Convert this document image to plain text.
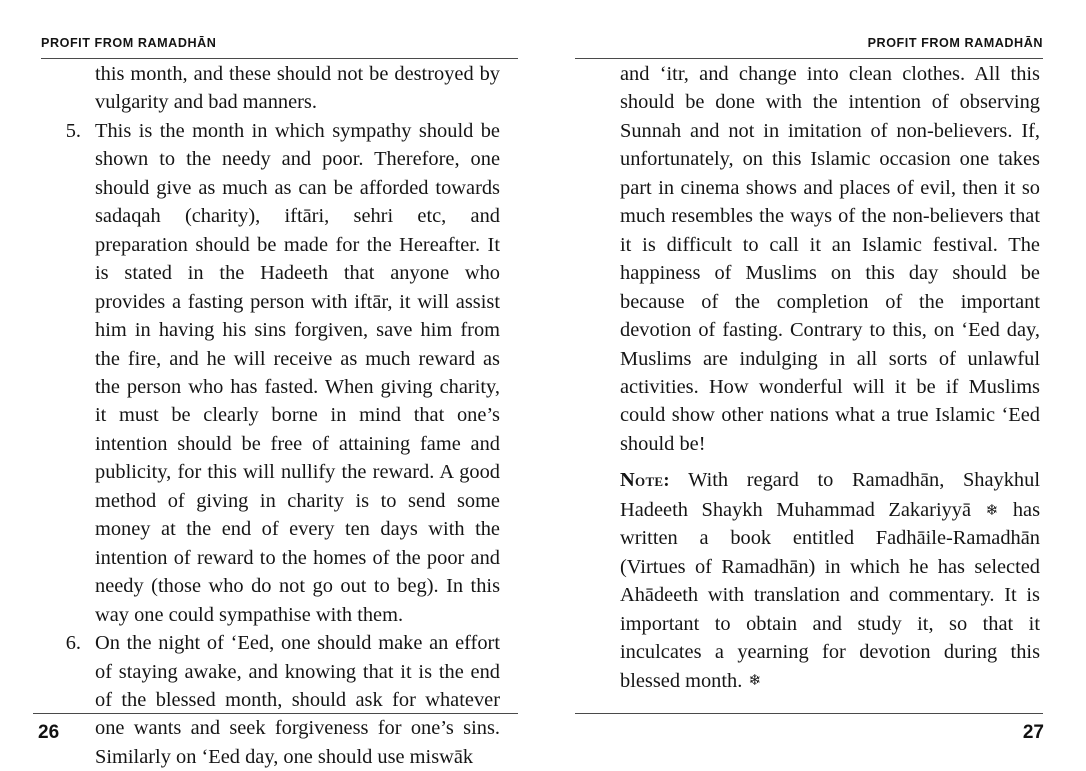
PROFIT FROM RAMADHĀN

this month, and these should not be destroyed by vulgarity and bad manners.

5. This is the month in which sympathy should be shown to the needy and poor. Therefore, one should give as much as can be afforded towards sadaqah (charity), iftāri, sehri etc, and preparation should be made for the Hereafter. It is stated in the Hadeeth that anyone who provides a fasting person with iftār, it will assist him in having his sins forgiven, save him from the fire, and he will receive as much reward as the person who has fasted. When giving charity, it must be clearly borne in mind that one’s intention should be free of attaining fame and publicity, for this will nullify the reward. A good method of giving in charity is to send some money at the end of every ten days with the intention of reward to the homes of the poor and needy (those who do not go out to beg). In this way one could sympathise with them.
6. On the night of ‘Eed, one should make an effort of staying awake, and knowing that it is the end of the blessed month, should ask for whatever one wants and seek forgiveness for one’s sins. Similarly on ‘Eed day, one should use miswāk
26
PROFIT FROM RAMADHĀN

and ‘itr, and change into clean clothes. All this should be done with the intention of observing Sunnah and not in imitation of non-believers. If, unfortunately, on this Islamic occasion one takes part in cinema shows and places of evil, then it so much resembles the ways of the non-believers that it is difficult to call it an Islamic festival. The happiness of Muslims on this day should be because of the completion of the important devotion of fasting. Contrary to this, on ‘Eed day, Muslims are indulging in all sorts of unlawful activities. How wonderful will it be if Muslims could show other nations what a true Islamic ‘Eed should be!

Note: With regard to Ramadhān, Shaykhul Hadeeth Shaykh Muhammad Zakariyyā ❄ has written a book entitled Fadhāile-Ramadhān (Virtues of Ramadhān) in which he has selected Ahādeeth with translation and commentary. It is important to obtain and study it, so that it inculcates a yearning for devotion during this blessed month. ❄

27
